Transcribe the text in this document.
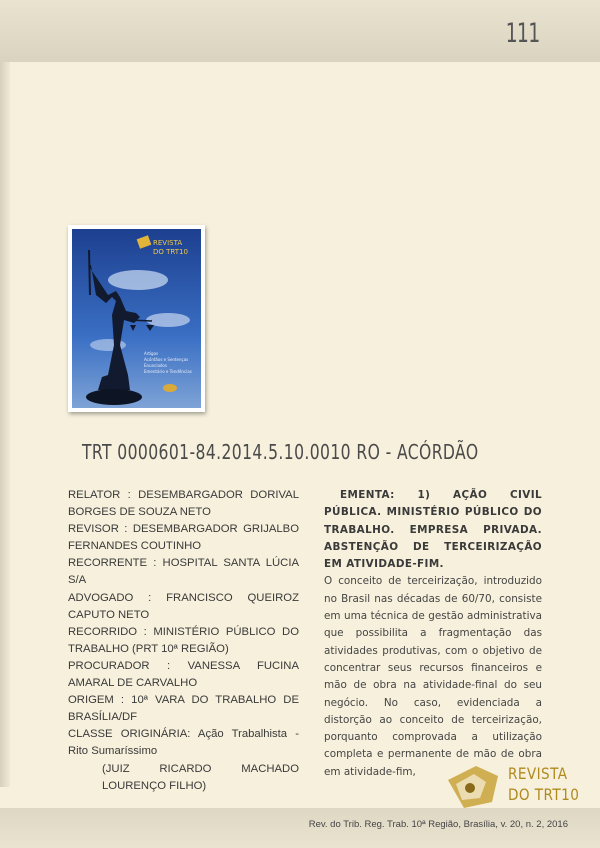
111
REVISTA
DO TRT10
Artigos
Acórdãos e Sentenças
Enunciados
Ementário e Tendências
TRT 0000601-84.2014.5.10.0010 RO - ACÓRDÃO

RELATOR : DESEMBARGADOR DORIVAL BORGES DE SOUZA NETO

REVISOR : DESEMBARGADOR GRIJALBO FERNANDES COUTINHO

RECORRENTE : HOSPITAL SANTA LÚCIA S/A

ADVOGADO : FRANCISCO QUEIROZ CAPUTO NETO

RECORRIDO : MINISTÉRIO PÚBLICO DO TRABALHO (PRT 10ª REGIÃO)

PROCURADOR : VANESSA FUCINA AMARAL DE CARVALHO

ORIGEM : 10ª VARA DO TRABALHO DE BRASÍLIA/DF

CLASSE ORIGINÁRIA: Ação Trabalhista - Rito Sumaríssimo

(JUIZ RICARDO MACHADO LOURENÇO FILHO)

EMENTA: 1) AÇÃO CIVIL PÚBLICA. MINISTÉRIO PÚBLICO DO TRABALHO. EMPRESA PRIVADA. ABSTENÇÃO DE TERCEIRIZAÇÃO EM ATIVIDADE-FIM.
O conceito de terceirização, introduzido no Brasil nas décadas de 60/70, consiste em uma técnica de gestão administrativa que possibilita a fragmentação das atividades produtivas, com o objetivo de concentrar seus recursos financeiros e mão de obra na atividade-final do seu negócio. No caso, evidenciada a distorção ao conceito de terceirização, porquanto comprovada a utilização completa e permanente de mão de obra em atividade-fim,	REVISTA
DO TRT10
Rev. do Trib. Reg. Trab. 10ª Região, Brasília, v. 20, n. 2, 2016
